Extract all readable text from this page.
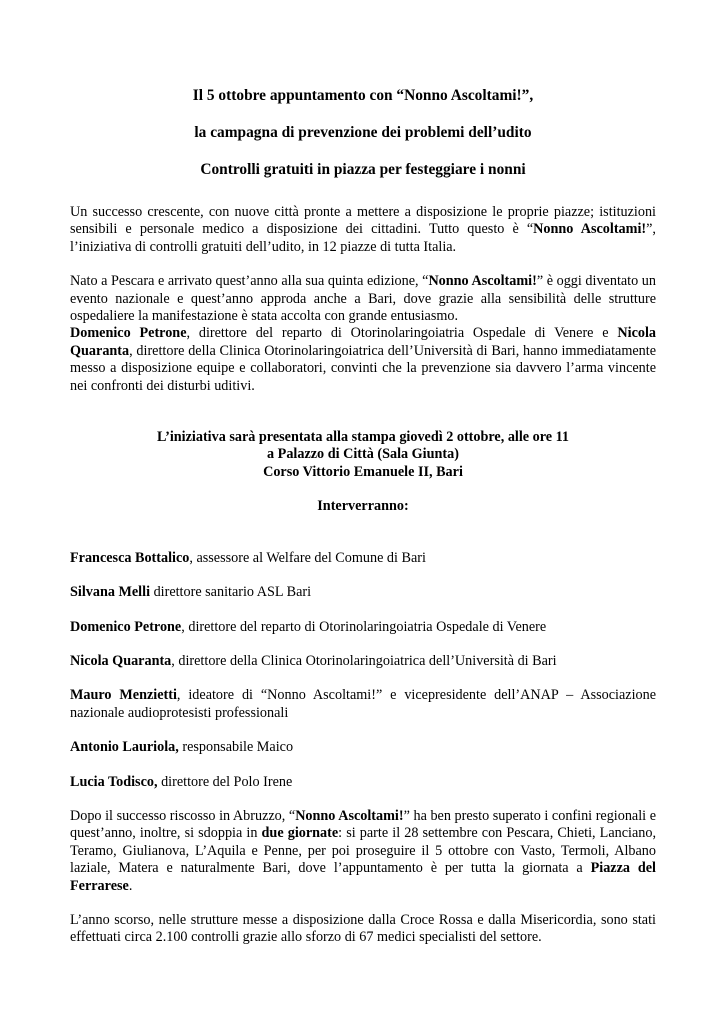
Il 5 ottobre appuntamento con “Nonno Ascoltami!”,
la campagna di prevenzione dei problemi dell’udito
Controlli gratuiti in piazza per festeggiare i nonni

Un successo crescente, con nuove città pronte a mettere a disposizione le proprie piazze; istituzioni sensibili e personale medico a disposizione dei cittadini. Tutto questo è “Nonno Ascoltami!”, l’iniziativa di controlli gratuiti dell’udito, in 12 piazze di tutta Italia.

Nato a Pescara e arrivato quest’anno alla sua quinta edizione, “Nonno Ascoltami!” è oggi diventato un evento nazionale e quest’anno approda anche a Bari, dove grazie alla sensibilità delle strutture ospedaliere la manifestazione è stata accolta con grande entusiasmo.

Domenico Petrone, direttore del reparto di Otorinolaringoiatria Ospedale di Venere e Nicola Quaranta, direttore della Clinica Otorinolaringoiatrica dell’Università di Bari, hanno immediatamente messo a disposizione equipe e collaboratori, convinti che la prevenzione sia davvero l’arma vincente nei confronti dei disturbi uditivi.

L’iniziativa sarà presentata alla stampa giovedì 2 ottobre, alle ore 11

a Palazzo di Città (Sala Giunta)

Corso Vittorio Emanuele II, Bari

Interverranno:

Francesca Bottalico, assessore al Welfare del Comune di Bari

Silvana Melli direttore sanitario ASL Bari

Domenico Petrone, direttore del reparto di Otorinolaringoiatria Ospedale di Venere

Nicola Quaranta, direttore della Clinica Otorinolaringoiatrica dell’Università di Bari

Mauro Menzietti, ideatore di “Nonno Ascoltami!” e vicepresidente dell’ANAP – Associazione nazionale audioprotesisti professionali

Antonio Lauriola, responsabile Maico

Lucia Todisco, direttore del Polo Irene

Dopo il successo riscosso in Abruzzo, “Nonno Ascoltami!” ha ben presto superato i confini regionali e quest’anno, inoltre, si sdoppia in due giornate: si parte il 28 settembre con Pescara, Chieti, Lanciano, Teramo, Giulianova, L’Aquila e Penne, per poi proseguire il 5 ottobre con Vasto, Termoli, Albano laziale, Matera e naturalmente Bari, dove l’appuntamento è per tutta la giornata a Piazza del Ferrarese.

L’anno scorso, nelle strutture messe a disposizione dalla Croce Rossa e dalla Misericordia, sono stati effettuati circa 2.100 controlli grazie allo sforzo di 67 medici specialisti del settore.
